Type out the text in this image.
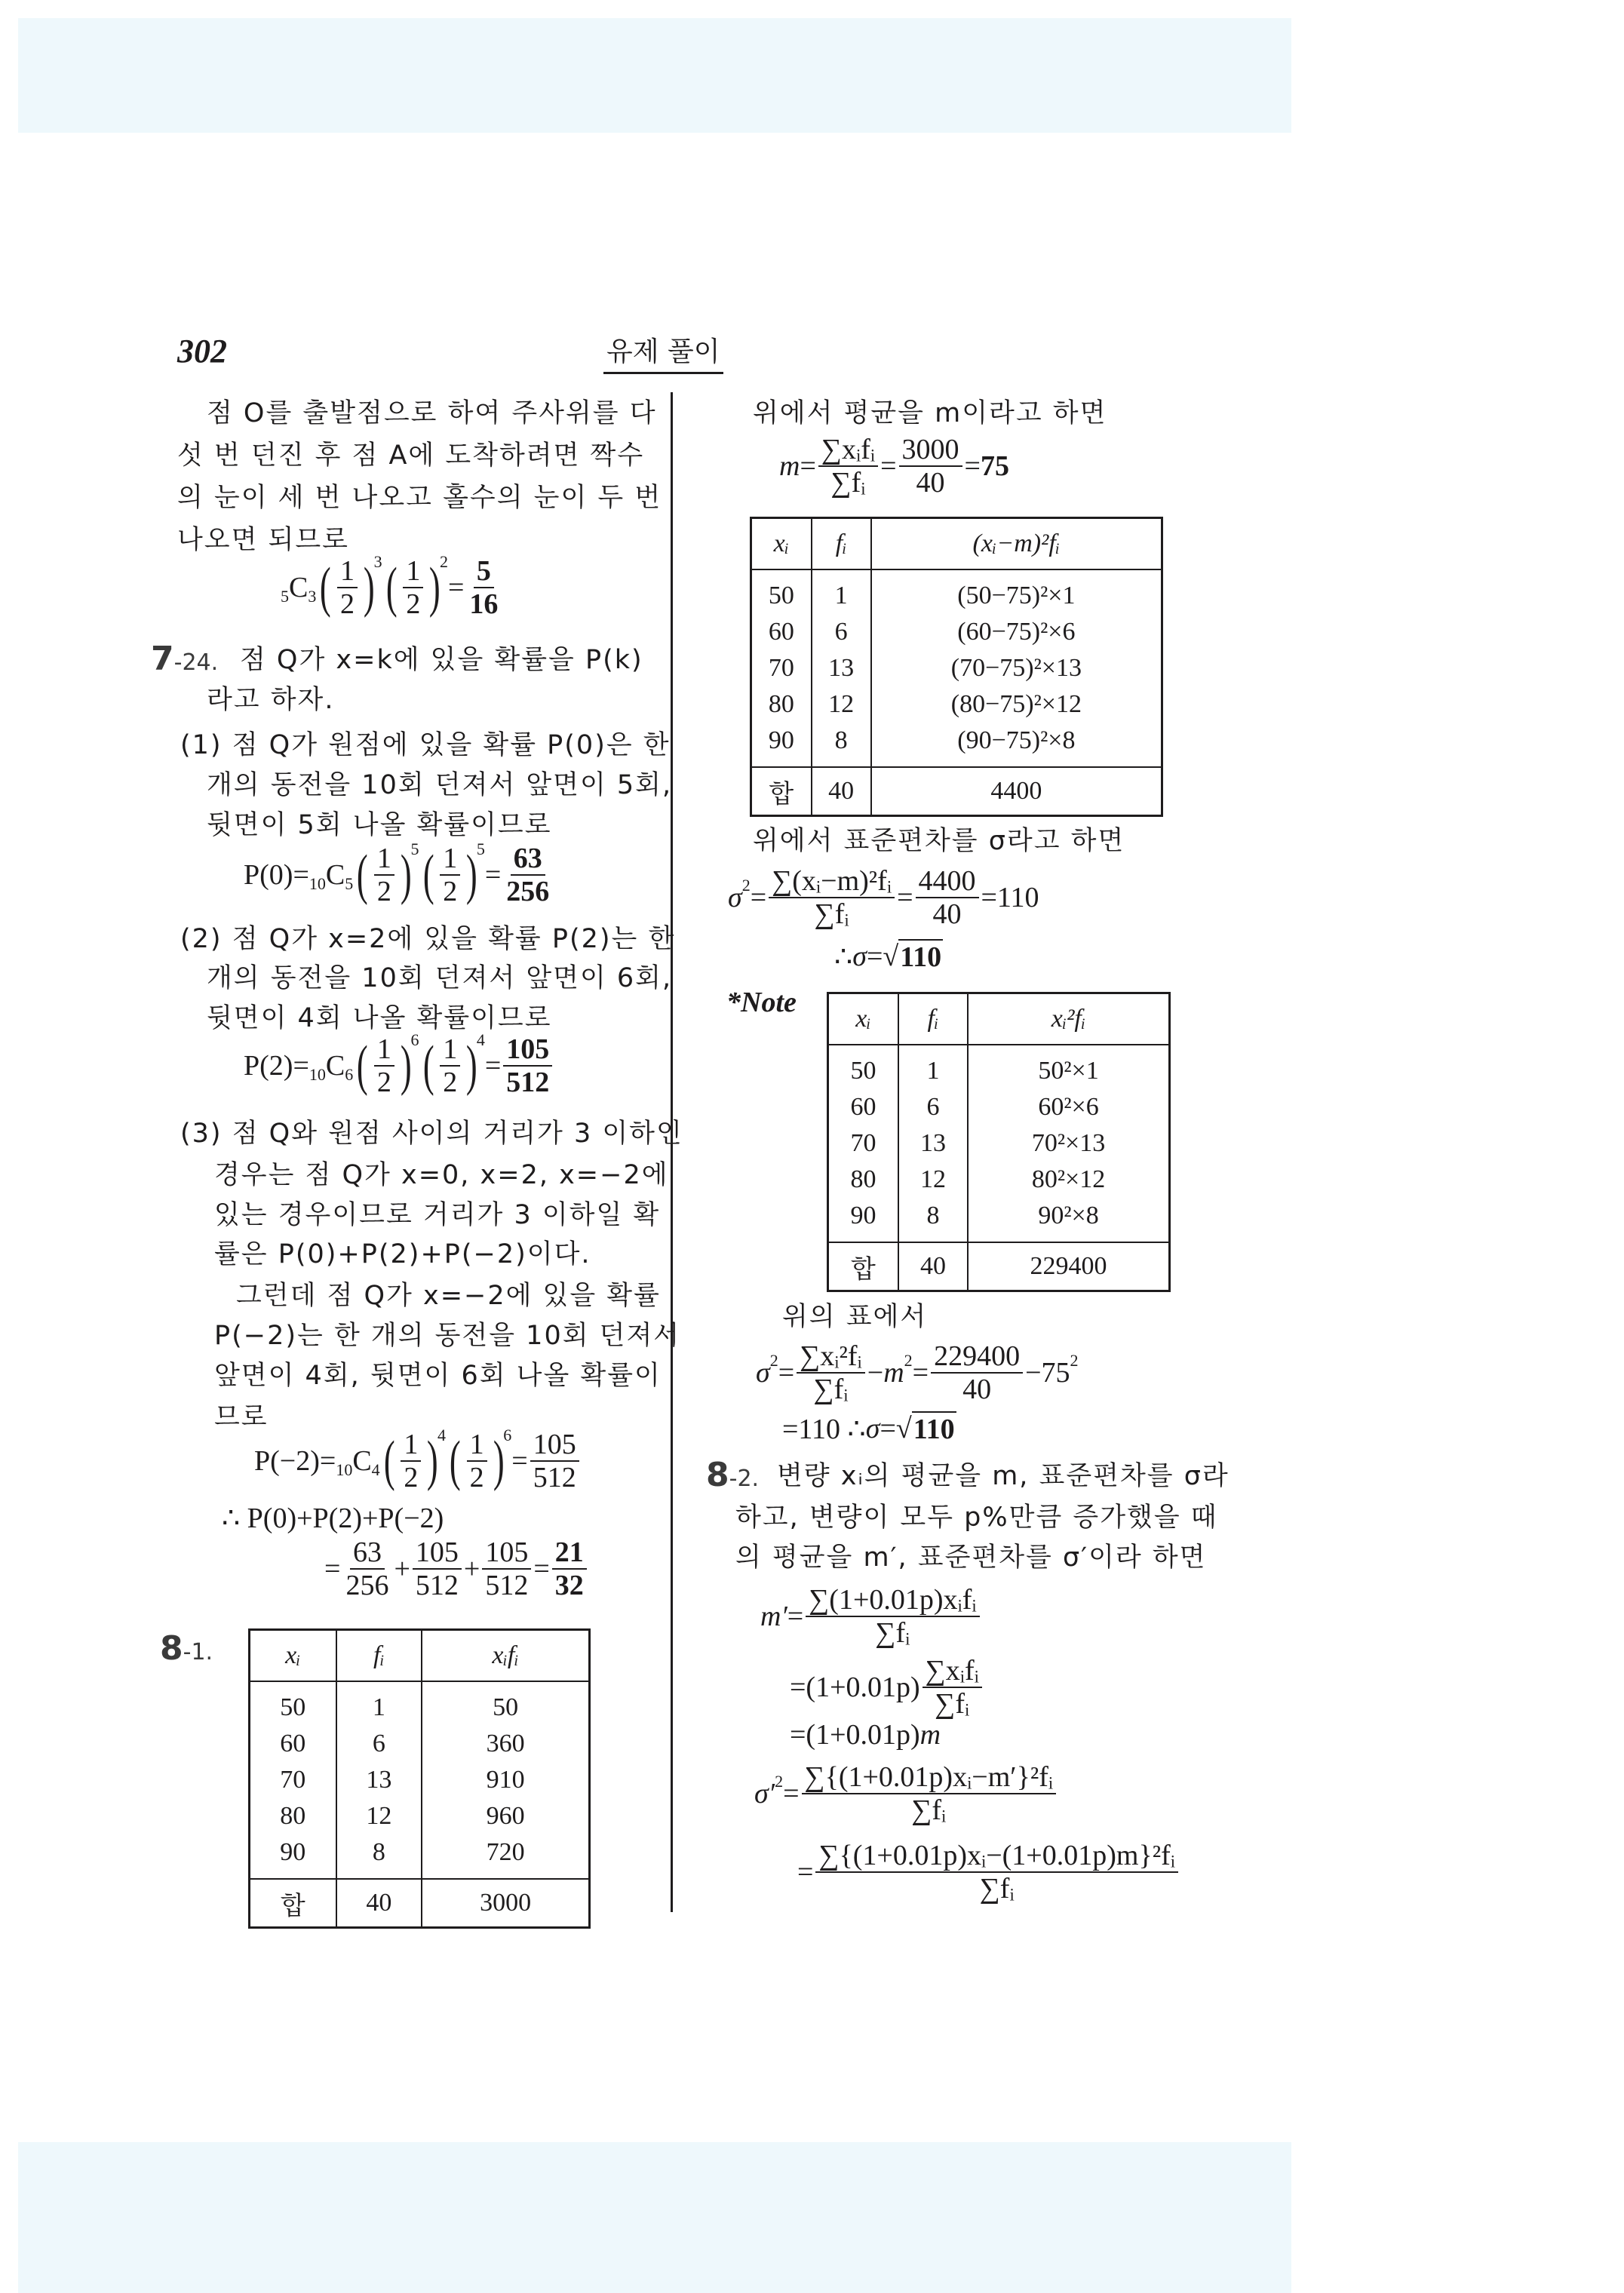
302	유제 풀이
점 O를 출발점으로 하여 주사위를 다
섯 번 던진 후 점 A에 도착하려면 짝수
의 눈이 세 번 나오고 홀수의 눈이 두 번
나오면 되므로
5 C 3 ( $\frac{1}{2}$ )
3 ( $\frac{1}{2}$ )
2
= $\frac{5}{16}$
7-24. 점 Q가 x=k에 있을 확률을 P(k)
라고 하자.
(1) 점 Q가 원점에 있을 확률 P(0)은 한
개의 동전을 10회 던져서 앞면이 5회,
뒷면이 5회 나올 확률이므로
P(0)= 10 C 5 ( $\frac{1}{2}$ )
5 ( $\frac{1}{2}$ )
5
= $\frac{63}{256}$
(2) 점 Q가 x=2에 있을 확률 P(2)는 한
개의 동전을 10회 던져서 앞면이 6회,
뒷면이 4회 나올 확률이므로
P(2)= 10 C 6 ( $\frac{1}{2}$ )
6 ( $\frac{1}{2}$ )
4
= $\frac{105}{512}$
(3) 점 Q와 원점 사이의 거리가 3 이하인
경우는 점 Q가 x=0, x=2, x=−2에
있는 경우이므로 거리가 3 이하일 확
률은 P(0)+P(2)+P(−2)이다.
그런데 점 Q가 x=−2에 있을 확률
P(−2)는 한 개의 동전을 10회 던져서
앞면이 4회, 뒷면이 6회 나올 확률이
므로
P(−2)= 10 C 4 ( $\frac{1}{2}$ )
4 ( $\frac{1}{2}$ )
6
= $\frac{105}{512}$
∴ P(0)+P(2)+P(−2)
= $\frac{63}{256} + \frac{105}{512} + \frac{105}{512} = \frac{21}{32}$
8-1.	xᵢ	fᵢ	xᵢfᵢ
50	1	50
60	6	360
70	13	910
80	12	960
90	8	720
합	40	3000
위에서 평균을 m이라고 하면
$m = \frac{\text{∑xᵢfᵢ}}{\text{∑fᵢ}} = \frac{3000}{40} = 75$
xᵢ	fᵢ	(xᵢ−m)²fᵢ
50	1	(50−75)²×1
60	6	(60−75)²×6
70	13	(70−75)²×13
80	12	(80−75)²×12
90	8	(90−75)²×8
합	40	4400
위에서 표준편차를 σ라고 하면
σ $2 = \frac{\text{∑(xᵢ−m)²fᵢ}}{\text{∑fᵢ}} = \frac{4400}{40} =110$
∴ σ =√ 110
*Note
xᵢ	fᵢ	xᵢ²fᵢ
50	1	50²×1
60	6	60²×6
70	13	70²×13
80	12	80²×12
90	8	90²×8
합	40	229400
위의 표에서
σ $2 = \frac{\text{∑xᵢ²fᵢ}}{\text{∑fᵢ}} - m$ $2 = \frac{229400}{40} -75$ 2
=110 ∴ σ =√ 110
8-2. 변량 xᵢ의 평균을 m, 표준편차를 σ라
하고, 변량이 모두 p%만큼 증가했을 때
의 평균을 m′, 표준편차를 σ′이라 하면
$m' = \frac{\text{∑(1+0.01p)xᵢfᵢ}}{\text{∑fᵢ}}$
$=(1+0.01p) \frac{\text{∑xᵢfᵢ}}{\text{∑fᵢ}}$
=(1+0.01p) m
σ′ $2 = \frac{\text{∑\{(1+0.01p)xᵢ−m′\}²fᵢ}}{\text{∑fᵢ}}$
= $\frac{\text{∑\{(1+0.01p)xᵢ−(1+0.01p)m\}²fᵢ}}{\text{∑fᵢ}}$
